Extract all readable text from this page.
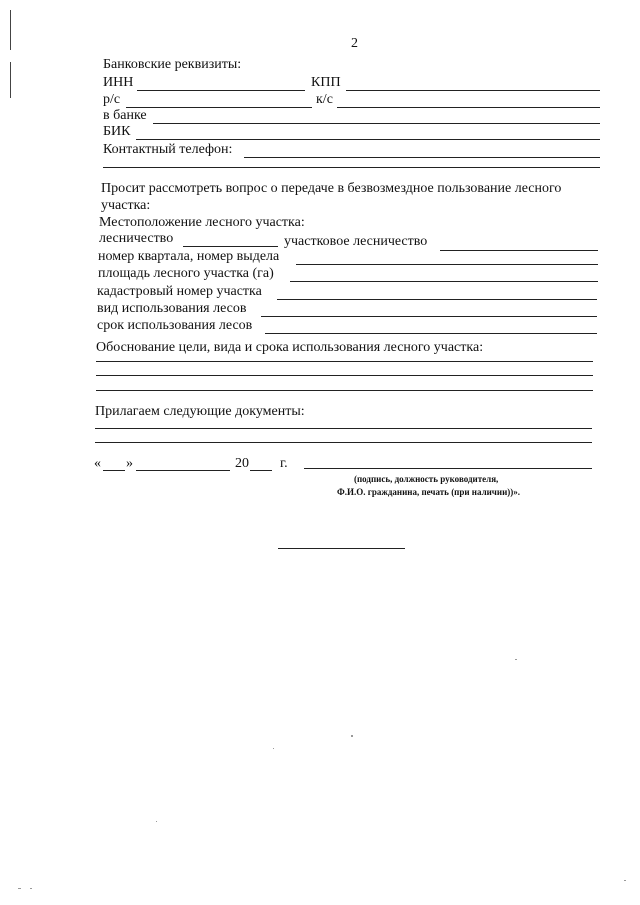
2
Банковские реквизиты:
ИНН	КПП
р/с	к/с
в банке
БИК
Контактный телефон:
Просит рассмотреть вопрос о передаче в безвозмездное пользование лесного
участка:
Местоположение лесного участка:
лесничество	участковое лесничество
номер квартала, номер выдела
площадь лесного участка (га)
кадастровый номер участка
вид использования лесов
срок использования лесов
Обоснование цели, вида и срока использования лесного участка:
Прилагаем следующие документы:
« »	20 г.
(подпись, должность руководителя,
Ф.И.О. гражданина, печать (при наличии))».
